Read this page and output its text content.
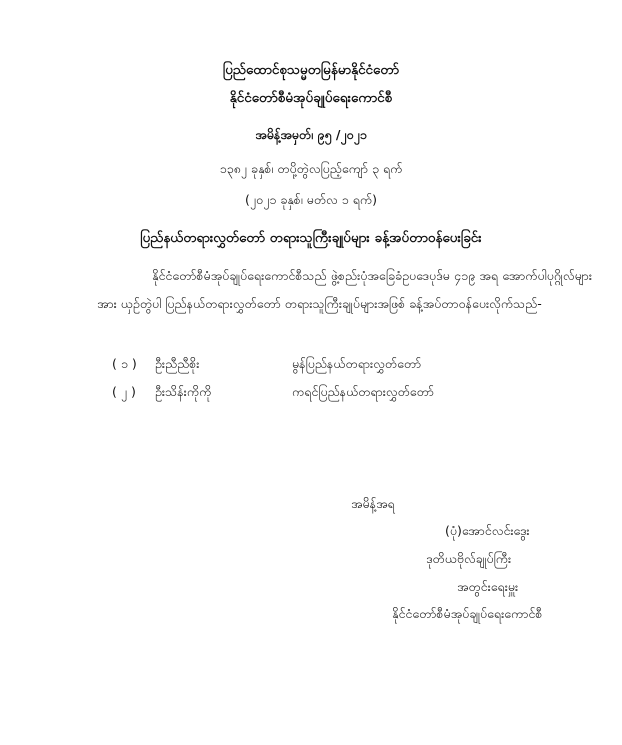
ပြည်ထောင်စုသမ္မတမြန်မာနိုင်ငံတော်
နိုင်ငံတော်စီမံအုပ်ချုပ်ရေးကောင်စီ
အမိန့်အမှတ်၊ ၉၅ /၂၀၂၁
၁၃၈၂ ခုနှစ်၊ တပို့တွဲလပြည့်ကျော် ၃ ရက်
(၂၀၂၁ ခုနှစ်၊ မတ်လ ၁ ရက်)
ပြည်နယ်တရားလွှတ်တော် တရားသူကြီးချုပ်များ ခန့်အပ်တာဝန်ပေးခြင်း
နိုင်ငံတော်စီမံအုပ်ချုပ်ရေးကောင်စီသည် ဖွဲ့စည်းပုံအခြေခံဥပဒေပုဒ်မ ၄၁၉ အရ အောက်ပါပုဂ္ဂိုလ်များအား ယှဉ်တွဲပါ ပြည်နယ်တရားလွှတ်တော် တရားသူကြီးချုပ်များအဖြစ် ခန့်အပ်တာဝန်ပေးလိုက်သည်-
( ၁ ) ဦးညီညီစိုး	မွန်ပြည်နယ်တရားလွှတ်တော်
( ၂ ) ဦးသိန်းကိုကို	ကရင်ပြည်နယ်တရားလွှတ်တော်
အမိန့်အရ
(ပုံ)အောင်လင်းဒွေး
ဒုတိယဗိုလ်ချုပ်ကြီး
အတွင်းရေးမှူး
နိုင်ငံတော်စီမံအုပ်ချုပ်ရေးကောင်စီ
